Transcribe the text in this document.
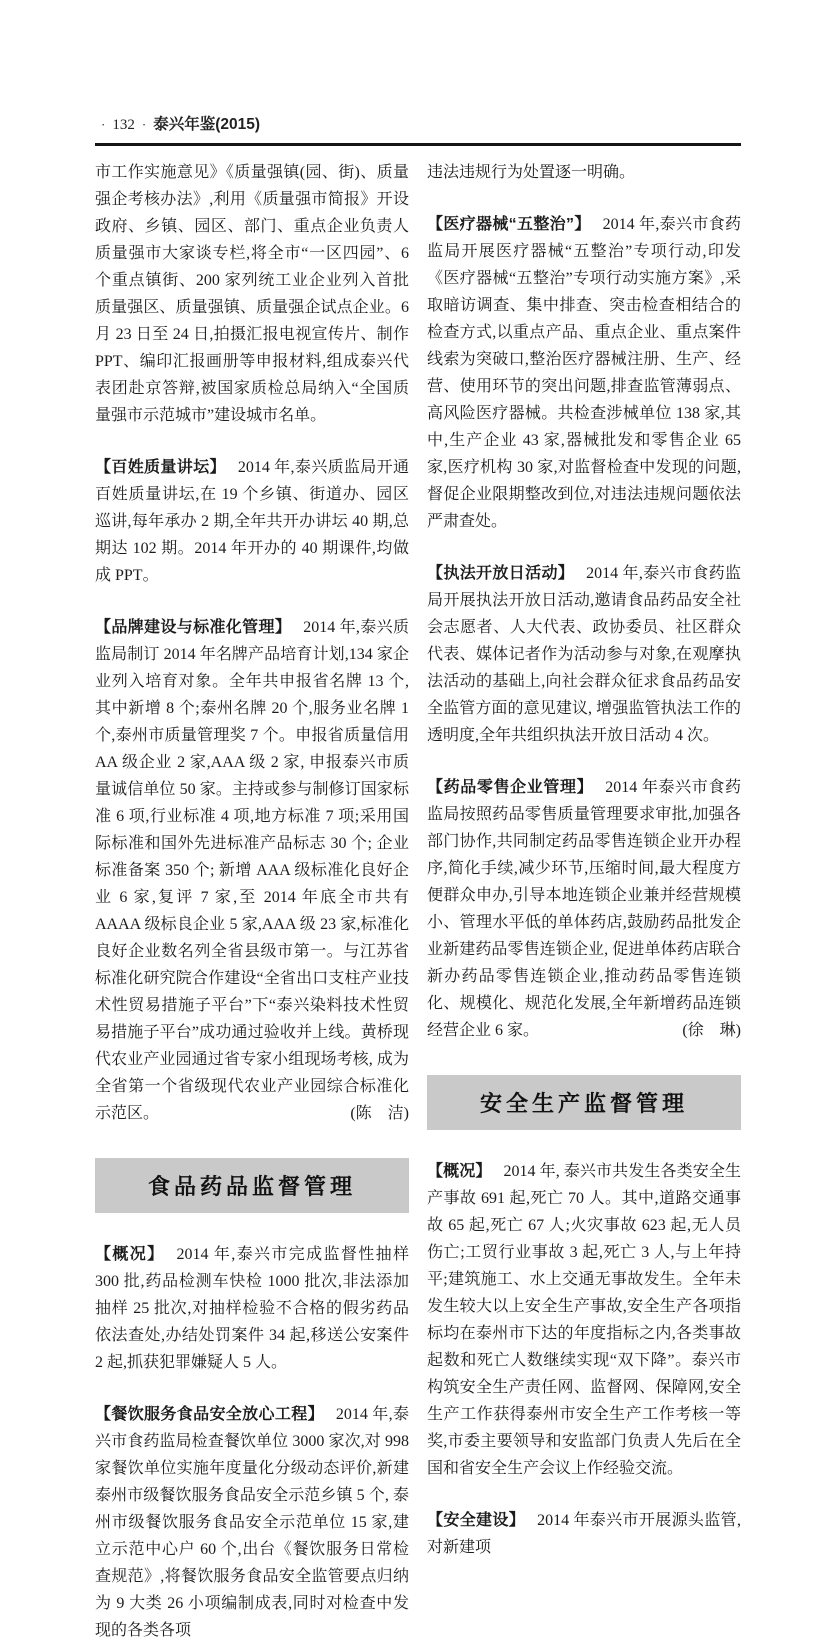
· 132 · 泰兴年鉴(2015)

市工作实施意见》《质量强镇(园、街)、质量强企考核办法》,利用《质量强市简报》开设政府、乡镇、园区、部门、重点企业负责人质量强市大家谈专栏,将全市“一区四园”、6 个重点镇街、200 家列统工业企业列入首批质量强区、质量强镇、质量强企试点企业。6 月 23 日至 24 日,拍摄汇报电视宣传片、制作 PPT、编印汇报画册等申报材料,组成泰兴代表团赴京答辩,被国家质检总局纳入“全国质量强市示范城市”建设城市名单。

【百姓质量讲坛】 2014 年,泰兴质监局开通百姓质量讲坛,在 19 个乡镇、街道办、园区巡讲,每年承办 2 期,全年共开办讲坛 40 期,总期达 102 期。2014 年开办的 40 期课件,均做成 PPT。

【品牌建设与标准化管理】 2014 年,泰兴质监局制订 2014 年名牌产品培育计划,134 家企业列入培育对象。全年共申报省名牌 13 个,其中新增 8 个;泰州名牌 20 个,服务业名牌 1 个,泰州市质量管理奖 7 个。申报省质量信用 AA 级企业 2 家,AAA 级 2 家, 申报泰兴市质量诚信单位 50 家。主持或参与制修订国家标准 6 项,行业标准 4 项,地方标准 7 项;采用国际标准和国外先进标准产品标志 30 个; 企业标准备案 350 个; 新增 AAA 级标准化良好企业 6 家,复评 7 家,至 2014 年底全市共有 AAAA 级标良企业 5 家,AAA 级 23 家,标准化良好企业数名列全省县级市第一。与江苏省标准化研究院合作建设“全省出口支柱产业技术性贸易措施子平台”下“泰兴染料技术性贸易措施子平台”成功通过验收并上线。黄桥现代农业产业园通过省专家小组现场考核, 成为全省第一个省级现代农业产业园综合标准化示范区。	(陈　洁)

食品药品监督管理

【概况】 2014 年,泰兴市完成监督性抽样 300 批,药品检测车快检 1000 批次,非法添加抽样 25 批次,对抽样检验不合格的假劣药品依法查处,办结处罚案件 34 起,移送公安案件 2 起,抓获犯罪嫌疑人 5 人。

【餐饮服务食品安全放心工程】 2014 年,泰兴市食药监局检查餐饮单位 3000 家次,对 998 家餐饮单位实施年度量化分级动态评价,新建泰州市级餐饮服务食品安全示范乡镇 5 个, 泰州市级餐饮服务食品安全示范单位 15 家,建立示范中心户 60 个,出台《餐饮服务日常检查规范》,将餐饮服务食品安全监管要点归纳为 9 大类 26 小项编制成表,同时对检查中发现的各类各项

违法违规行为处置逐一明确。

【医疗器械“五整治”】 2014 年,泰兴市食药监局开展医疗器械“五整治”专项行动,印发《医疗器械“五整治”专项行动实施方案》,采取暗访调查、集中排查、突击检查相结合的检查方式,以重点产品、重点企业、重点案件线索为突破口,整治医疗器械注册、生产、经营、使用环节的突出问题,排查监管薄弱点、高风险医疗器械。共检查涉械单位 138 家,其中,生产企业 43 家,器械批发和零售企业 65 家,医疗机构 30 家,对监督检查中发现的问题,督促企业限期整改到位,对违法违规问题依法严肃查处。

【执法开放日活动】 2014 年,泰兴市食药监局开展执法开放日活动,邀请食品药品安全社会志愿者、人大代表、政协委员、社区群众代表、媒体记者作为活动参与对象,在观摩执法活动的基础上,向社会群众征求食品药品安全监管方面的意见建议, 增强监管执法工作的透明度,全年共组织执法开放日活动 4 次。

【药品零售企业管理】 2014 年泰兴市食药监局按照药品零售质量管理要求审批,加强各部门协作,共同制定药品零售连锁企业开办程序,简化手续,减少环节,压缩时间,最大程度方便群众申办,引导本地连锁企业兼并经营规模小、管理水平低的单体药店,鼓励药品批发企业新建药品零售连锁企业, 促进单体药店联合新办药品零售连锁企业,推动药品零售连锁化、规模化、规范化发展,全年新增药品连锁经营企业 6 家。	(徐　琳)

安全生产监督管理

【概况】 2014 年, 泰兴市共发生各类安全生产事故 691 起,死亡 70 人。其中,道路交通事故 65 起,死亡 67 人;火灾事故 623 起,无人员伤亡;工贸行业事故 3 起,死亡 3 人,与上年持平;建筑施工、水上交通无事故发生。全年未发生较大以上安全生产事故,安全生产各项指标均在泰州市下达的年度指标之内,各类事故起数和死亡人数继续实现“双下降”。泰兴市构筑安全生产责任网、监督网、保障网,安全生产工作获得泰州市安全生产工作考核一等奖,市委主要领导和安监部门负责人先后在全国和省安全生产会议上作经验交流。

【安全建设】 2014 年泰兴市开展源头监管,对新建项
